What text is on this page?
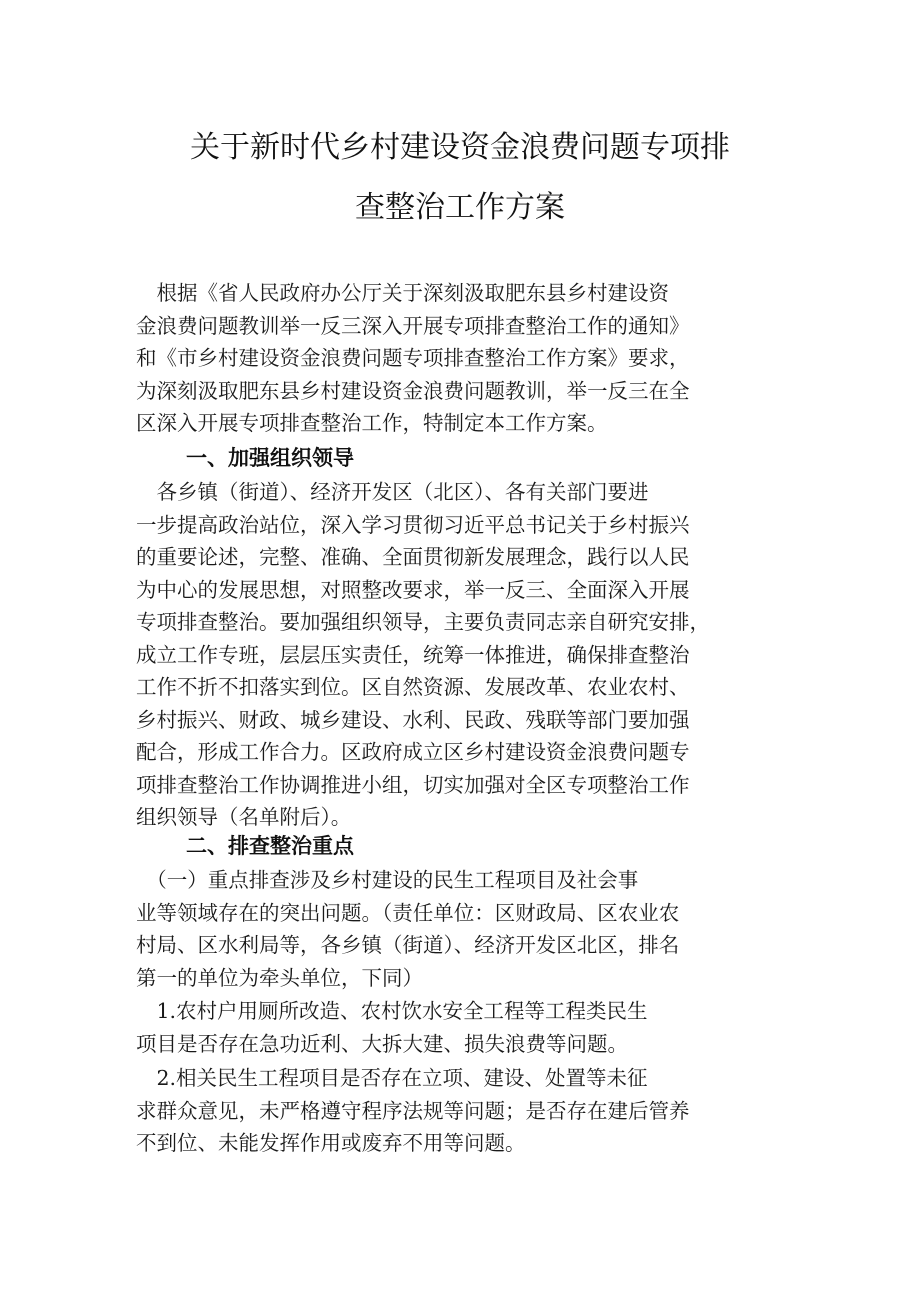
关于新时代乡村建设资金浪费问题专项排
查整治工作方案
　根据《省人民政府办公厅关于深刻汲取肥东县乡村建设资
金浪费问题教训举一反三深入开展专项排查整治工作的通知》
和《市乡村建设资金浪费问题专项排查整治工作方案》要求，
为深刻汲取肥东县乡村建设资金浪费问题教训，举一反三在全
区深入开展专项排查整治工作，特制定本工作方案。
一、加强组织领导
　各乡镇（街道）、经济开发区（北区）、各有关部门要进
一步提高政治站位，深入学习贯彻习近平总书记关于乡村振兴
的重要论述，完整、准确、全面贯彻新发展理念，践行以人民
为中心的发展思想，对照整改要求，举一反三、全面深入开展
专项排查整治。要加强组织领导，主要负责同志亲自研究安排，
成立工作专班，层层压实责任，统筹一体推进，确保排查整治
工作不折不扣落实到位。区自然资源、发展改革、农业农村、
乡村振兴、财政、城乡建设、水利、民政、残联等部门要加强
配合，形成工作合力。区政府成立区乡村建设资金浪费问题专
项排查整治工作协调推进小组，切实加强对全区专项整治工作
组织领导（名单附后）。
二、排查整治重点
　（一）重点排查涉及乡村建设的民生工程项目及社会事
业等领域存在的突出问题。（责任单位：区财政局、区农业农
村局、区水利局等，各乡镇（街道）、经济开发区北区，排名
第一的单位为牵头单位，下同）
　1.农村户用厕所改造、农村饮水安全工程等工程类民生
项目是否存在急功近利、大拆大建、损失浪费等问题。
　2.相关民生工程项目是否存在立项、建设、处置等未征
求群众意见，未严格遵守程序法规等问题；是否存在建后管养
不到位、未能发挥作用或废弃不用等问题。
